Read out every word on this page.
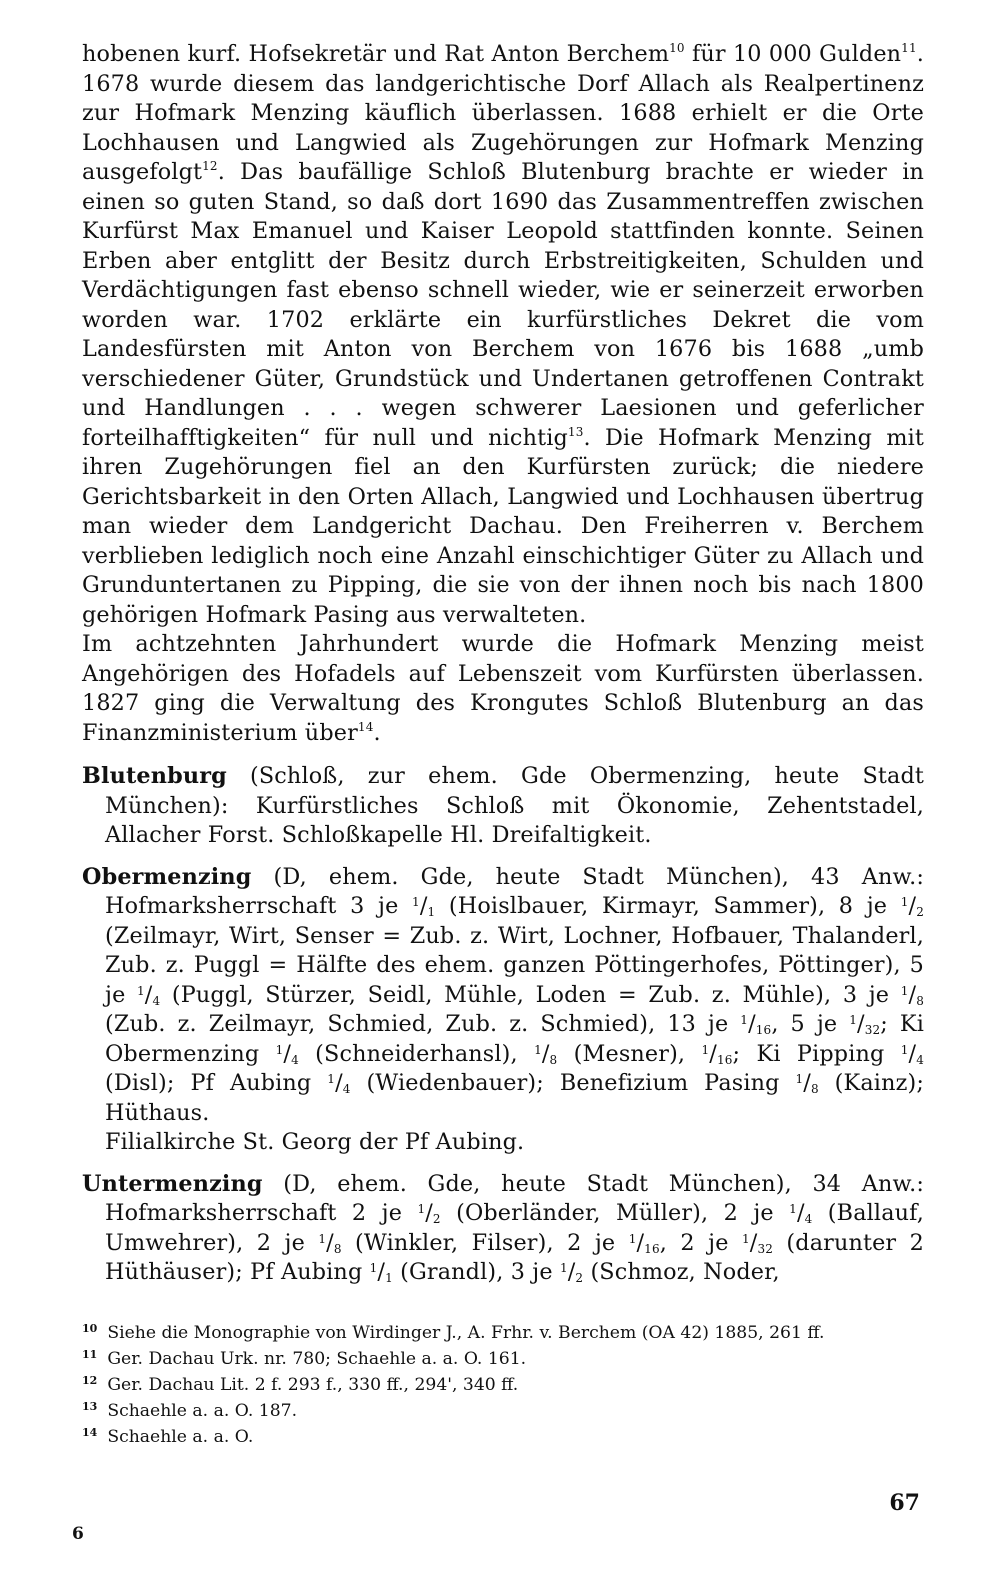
hobenen kurf. Hofsekretär und Rat Anton Berchem$^{10}$ für 10 000 Gulden$^{11}$. 1678 wurde diesem das landgerichtische Dorf Allach als Realpertinenz zur Hofmark Menzing käuflich überlassen. 1688 erhielt er die Orte Lochhausen und Langwied als Zugehörungen zur Hofmark Menzing ausgefolgt$^{12}$. Das baufällige Schloß Blutenburg brachte er wieder in einen so guten Stand, so daß dort 1690 das Zusammentreffen zwischen Kurfürst Max Emanuel und Kaiser Leopold stattfinden konnte. Seinen Erben aber entglitt der Besitz durch Erbstreitigkeiten, Schulden und Verdächtigungen fast ebenso schnell wieder, wie er seinerzeit erworben worden war. 1702 erklärte ein kurfürstliches Dekret die vom Landesfürsten mit Anton von Berchem von 1676 bis 1688 „umb verschiedener Güter, Grundstück und Undertanen getroffenen Contrakt und Handlungen . . . wegen schwerer Laesionen und geferlicher forteilhafftigkeiten“ für null und nichtig$^{13}$. Die Hofmark Menzing mit ihren Zugehörungen fiel an den Kurfürsten zurück; die niedere Gerichtsbarkeit in den Orten Allach, Langwied und Lochhausen übertrug man wieder dem Landgericht Dachau. Den Freiherren v. Berchem verblieben lediglich noch eine Anzahl einschichtiger Güter zu Allach und Grunduntertanen zu Pipping, die sie von der ihnen noch bis nach 1800 gehörigen Hofmark Pasing aus verwalteten.

Im achtzehnten Jahrhundert wurde die Hofmark Menzing meist Angehörigen des Hofadels auf Lebenszeit vom Kurfürsten überlassen. 1827 ging die Verwaltung des Krongutes Schloß Blutenburg an das Finanzministerium über$^{14}$.

Blutenburg (Schloß, zur ehem. Gde Obermenzing, heute Stadt München): Kurfürstliches Schloß mit Ökonomie, Zehentstadel, Allacher Forst. Schloßkapelle Hl. Dreifaltigkeit.
Obermenzing (D, ehem. Gde, heute Stadt München), 43 Anw.: Hofmarksherrschaft 3 je $^1/_1$ (Hoislbauer, Kirmayr, Sammer), 8 je $^1/_2$ (Zeilmayr, Wirt, Senser = Zub. z. Wirt, Lochner, Hofbauer, Thalanderl, Zub. z. Puggl = Hälfte des ehem. ganzen Pöttingerhofes, Pöttinger), 5 je $^1/_4$ (Puggl, Stürzer, Seidl, Mühle, Loden = Zub. z. Mühle), 3 je $^1/_8$ (Zub. z. Zeilmayr, Schmied, Zub. z. Schmied), 13 je $^1/_{16}$, 5 je $^1/_{32}$; Ki Obermenzing $^1/_4$ (Schneiderhansl), $^1/_8$ (Mesner), $^1/_{16}$; Ki Pipping $^1/_4$ (Disl); Pf Aubing $^1/_4$ (Wiedenbauer); Benefizium Pasing $^1/_8$ (Kainz); Hüthaus.
Filialkirche St. Georg der Pf Aubing.
Untermenzing (D, ehem. Gde, heute Stadt München), 34 Anw.: Hofmarksherrschaft 2 je $^1/_2$ (Oberländer, Müller), 2 je $^1/_4$ (Ballauf, Umwehrer), 2 je $^1/_8$ (Winkler, Filser), 2 je $^1/_{16}$, 2 je $^1/_{32}$ (darunter 2 Hüthäuser); Pf Aubing $^1/_1$ (Grandl), 3 je $^1/_2$ (Schmoz, Noder,

$^{10}$ Siehe die Monographie von Wirdinger J., A. Frhr. v. Berchem (OA 42) 1885, 261 ff.

$^{11}$ Ger. Dachau Urk. nr. 780; Schaehle a. a. O. 161.

$^{12}$ Ger. Dachau Lit. 2 f. 293 f., 330 ff., 294', 340 ff.

$^{13}$ Schaehle a. a. O. 187.

$^{14}$ Schaehle a. a. O.

67
6
